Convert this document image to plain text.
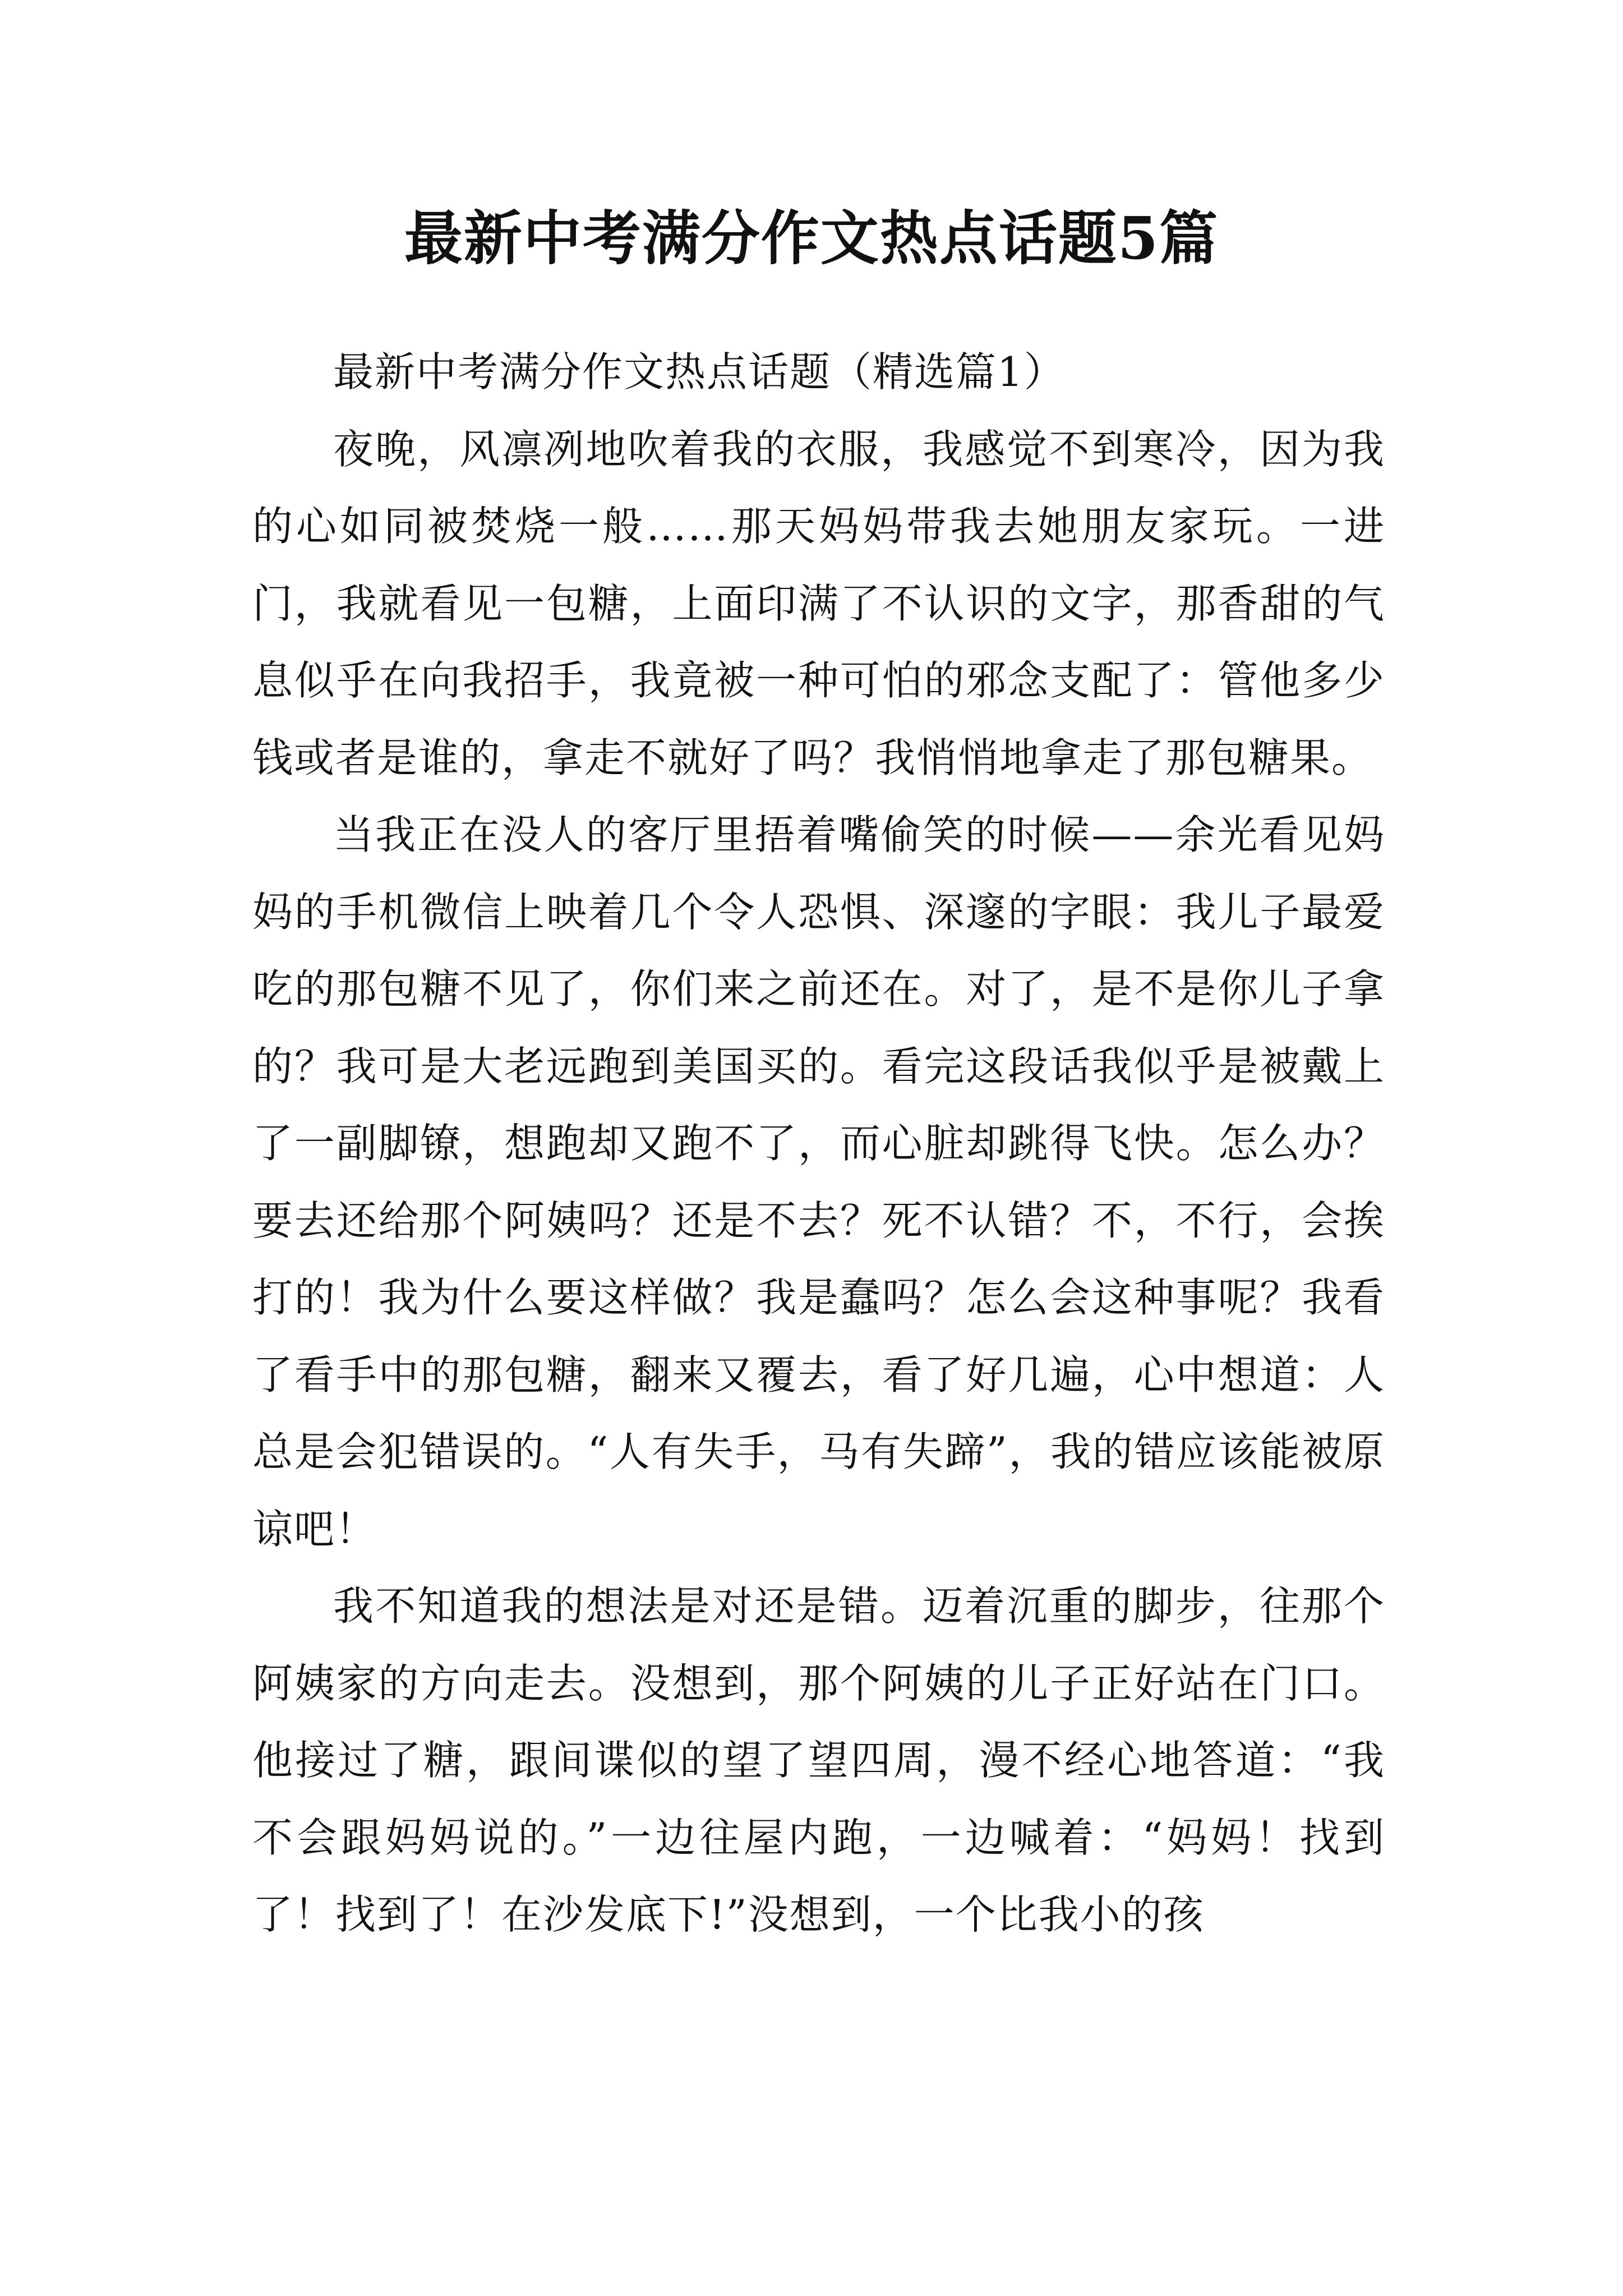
最新中考满分作文热点话题5篇

最新中考满分作文热点话题（精选篇1）

夜晚，风凛冽地吹着我的衣服，我感觉不到寒冷，因为我的心如同被焚烧一般……那天妈妈带我去她朋友家玩。一进门，我就看见一包糖，上面印满了不认识的文字，那香甜的气息似乎在向我招手，我竟被一种可怕的邪念支配了：管他多少钱或者是谁的，拿走不就好了吗？我悄悄地拿走了那包糖果。

当我正在没人的客厅里捂着嘴偷笑的时候——余光看见妈妈的手机微信上映着几个令人恐惧、深邃的字眼：我儿子最爱吃的那包糖不见了，你们来之前还在。对了，是不是你儿子拿的？我可是大老远跑到美国买的。看完这段话我似乎是被戴上了一副脚镣，想跑却又跑不了，而心脏却跳得飞快。怎么办？要去还给那个阿姨吗？还是不去？死不认错？不，不行，会挨打的！我为什么要这样做？我是蠢吗？怎么会这种事呢？我看了看手中的那包糖，翻来又覆去，看了好几遍，心中想道：人总是会犯错误的。“人有失手，马有失蹄”，我的错应该能被原谅吧！

我不知道我的想法是对还是错。迈着沉重的脚步，往那个阿姨家的方向走去。没想到，那个阿姨的儿子正好站在门口。他接过了糖，跟间谍似的望了望四周，漫不经心地答道：“我不会跟妈妈说的。”一边往屋内跑，一边喊着：“妈妈！找到了！找到了！在沙发底下!”没想到，一个比我小的孩
